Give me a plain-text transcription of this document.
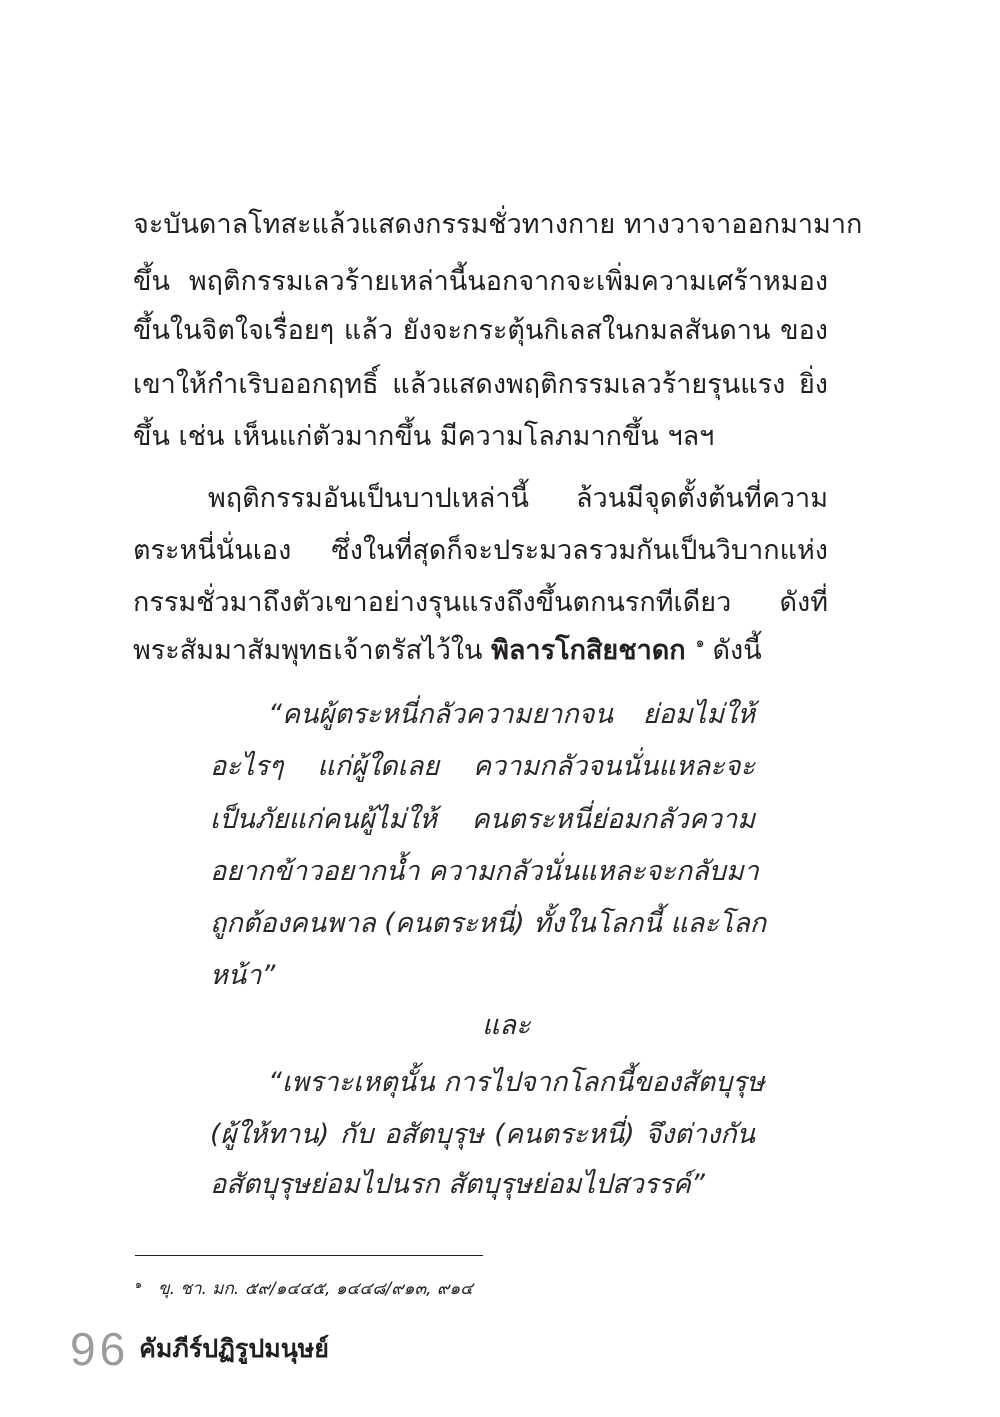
จะบันดาลโทสะแล้วแสดงกรรมชั่วทางกาย ทางวาจาออกมามาก
ขึ้น พฤติกรรมเลวร้ายเหล่านี้นอกจากจะเพิ่มความเศร้าหมอง
ขึ้นในจิตใจเรื่อยๆ แล้ว ยังจะกระตุ้นกิเลสในกมลสันดาน ของ
เขาให้กำเริบออกฤทธิ์ แล้วแสดงพฤติกรรมเลวร้ายรุนแรง ยิ่ง
ขึ้น เช่น เห็นแก่ตัวมากขึ้น มีความโลภมากขึ้น ฯลฯ
พฤติกรรมอันเป็นบาปเหล่านี้ ล้วนมีจุดตั้งต้นที่ความ
ตระหนี่นั่นเอง ซึ่งในที่สุดก็จะประมวลรวมกันเป็นวิบากแห่ง
กรรมชั่วมาถึงตัวเขาอย่างรุนแรงถึงขึ้นตกนรกทีเดียว ดังที่
พระสัมมาสัมพุทธเจ้าตรัสไว้ใน พิลารโกสิยชาดก $^๑$ ดังนี้
“คนผู้ตระหนี่กลัวความยากจน ย่อมไม่ให้
อะไรๆ แก่ผู้ใดเลย ความกลัวจนนั่นแหละจะ
เป็นภัยแก่คนผู้ไม่ให้ คนตระหนี่ย่อมกลัวความ
อยากข้าวอยากน้ำ ความกลัวนั่นแหละจะกลับมา
ถูกต้องคนพาล (คนตระหนี่) ทั้งในโลกนี้ และโลก
หน้า”
และ
“เพราะเหตุนั้น การไปจากโลกนี้ของสัตบุรุษ
(ผู้ให้ทาน) กับ อสัตบุรุษ (คนตระหนี่) จึงต่างกัน
อสัตบุรุษย่อมไปนรก สัตบุรุษย่อมไปสวรรค์”
$^๑$ ขุ. ชา. มก. ๕๙/๑๔๔๕, ๑๔๔๘/๙๑๓, ๙๑๔
96 คัมภีร์ปฏิรูปมนุษย์
